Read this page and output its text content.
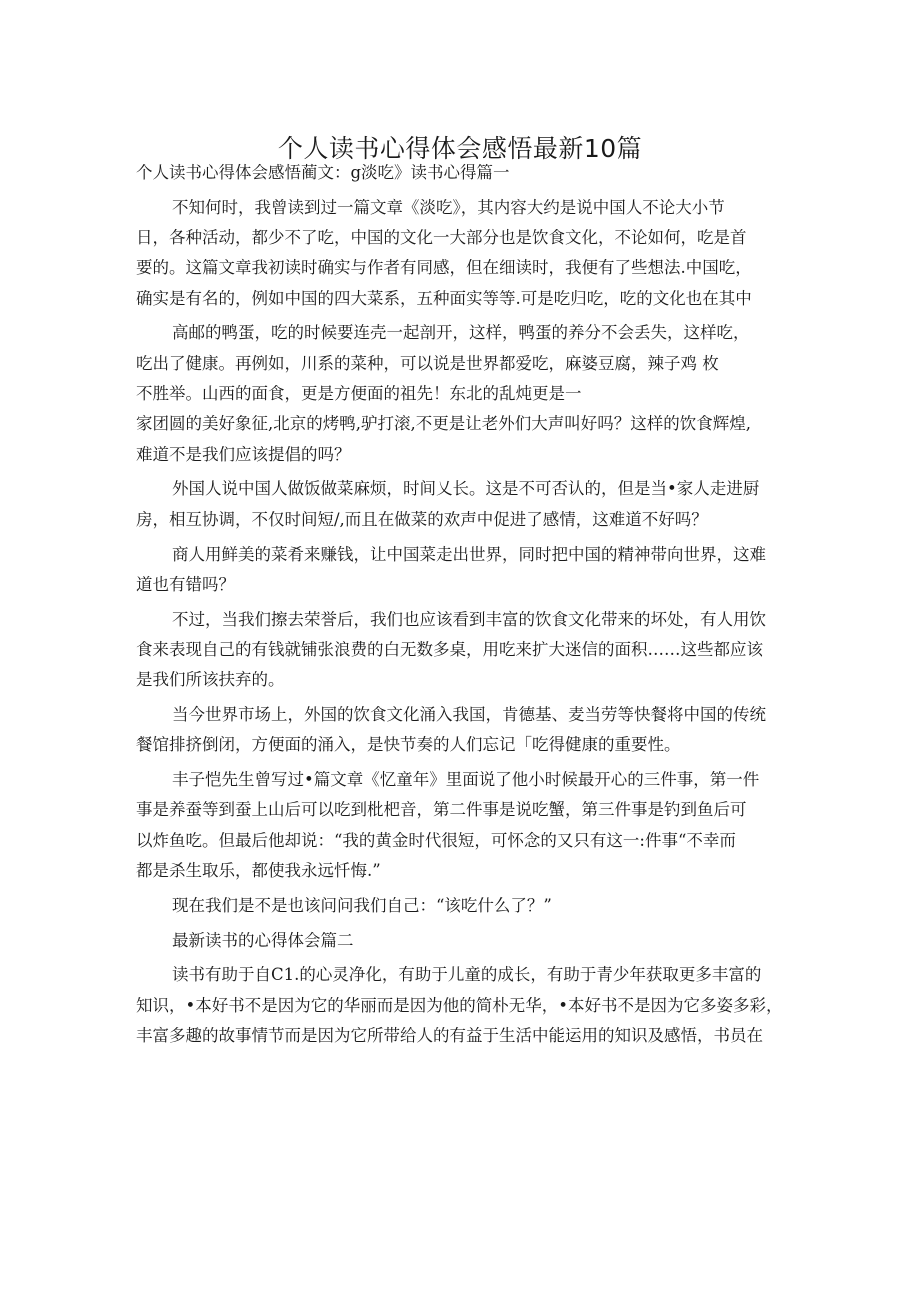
个人读书心得体会感悟最新10篇
个人读书心得体会感悟蔺文：g淡吃》读书心得篇一
不知何时，我曾读到过一篇文章《淡吃》，其内容大约是说中国人不论大小节
日，各种活动，都少不了吃，中国的文化一大部分也是饮食文化，不论如何，吃是首
要的。这篇文章我初读时确实与作者有同感，但在细读时，我便有了些想法.中国吃，
确实是有名的，例如中国的四大菜系，五种面实等等.可是吃归吃，吃的文化也在其中
高邮的鸭蛋，吃的时候要连壳一起剖开，这样，鸭蛋的养分不会丢失，这样吃，
吃出了健康。再例如，川系的菜种，可以说是世界都爱吃，麻婆豆腐，辣子鸡 枚
不胜举。山西的面食，更是方便面的祖先！东北的乱炖更是一
家团圆的美好象征,北京的烤鸭,驴打滚,不更是让老外们大声叫好吗？这样的饮食辉煌,
难道不是我们应该提倡的吗？
外国人说中国人做饭做菜麻烦，时间乂长。这是不可否认的，但是当•家人走进厨
房，相互协调，不仅时间短/,而且在做菜的欢声中促进了感情，这难道不好吗？
商人用鲜美的菜肴来赚钱，让中国菜走出世界，同时把中国的精神带向世界，这难
道也有错吗？
不过，当我们擦去荣誉后，我们也应该看到丰富的饮食文化带来的坏处，有人用饮
食来表现自己的有钱就铺张浪费的白无数多桌，用吃来扩大迷信的面积……这些都应该
是我们所该扶弃的。
当今世界市场上，外国的饮食文化涌入我国，肯德基、麦当劳等快餐将中国的传统
餐馆排挤倒闭，方便面的涌入，是快节奏的人们忘记「吃得健康的重要性。
丰子恺先生曾写过•篇文章《忆童年》里面说了他小时候最开心的三件事，第一件
事是养蚕等到蚕上山后可以吃到枇杷音，第二件事是说吃蟹，第三件事是钓到鱼后可
以炸鱼吃。但最后他却说：“我的黄金时代很短，可怀念的又只有这一:件事“不幸而
都是杀生取乐，都使我永远忏悔.”
现在我们是不是也该问问我们自己：“该吃什么了？”
最新读书的心得体会篇二
读书有助于自C1.的心灵净化，有助于儿童的成长，有助于青少年获取更多丰富的
知识，•本好书不是因为它的华丽而是因为他的简朴无华，•本好书不是因为它多姿多彩，
丰富多趣的故事情节而是因为它所带给人的有益于生活中能运用的知识及感悟，书员在
